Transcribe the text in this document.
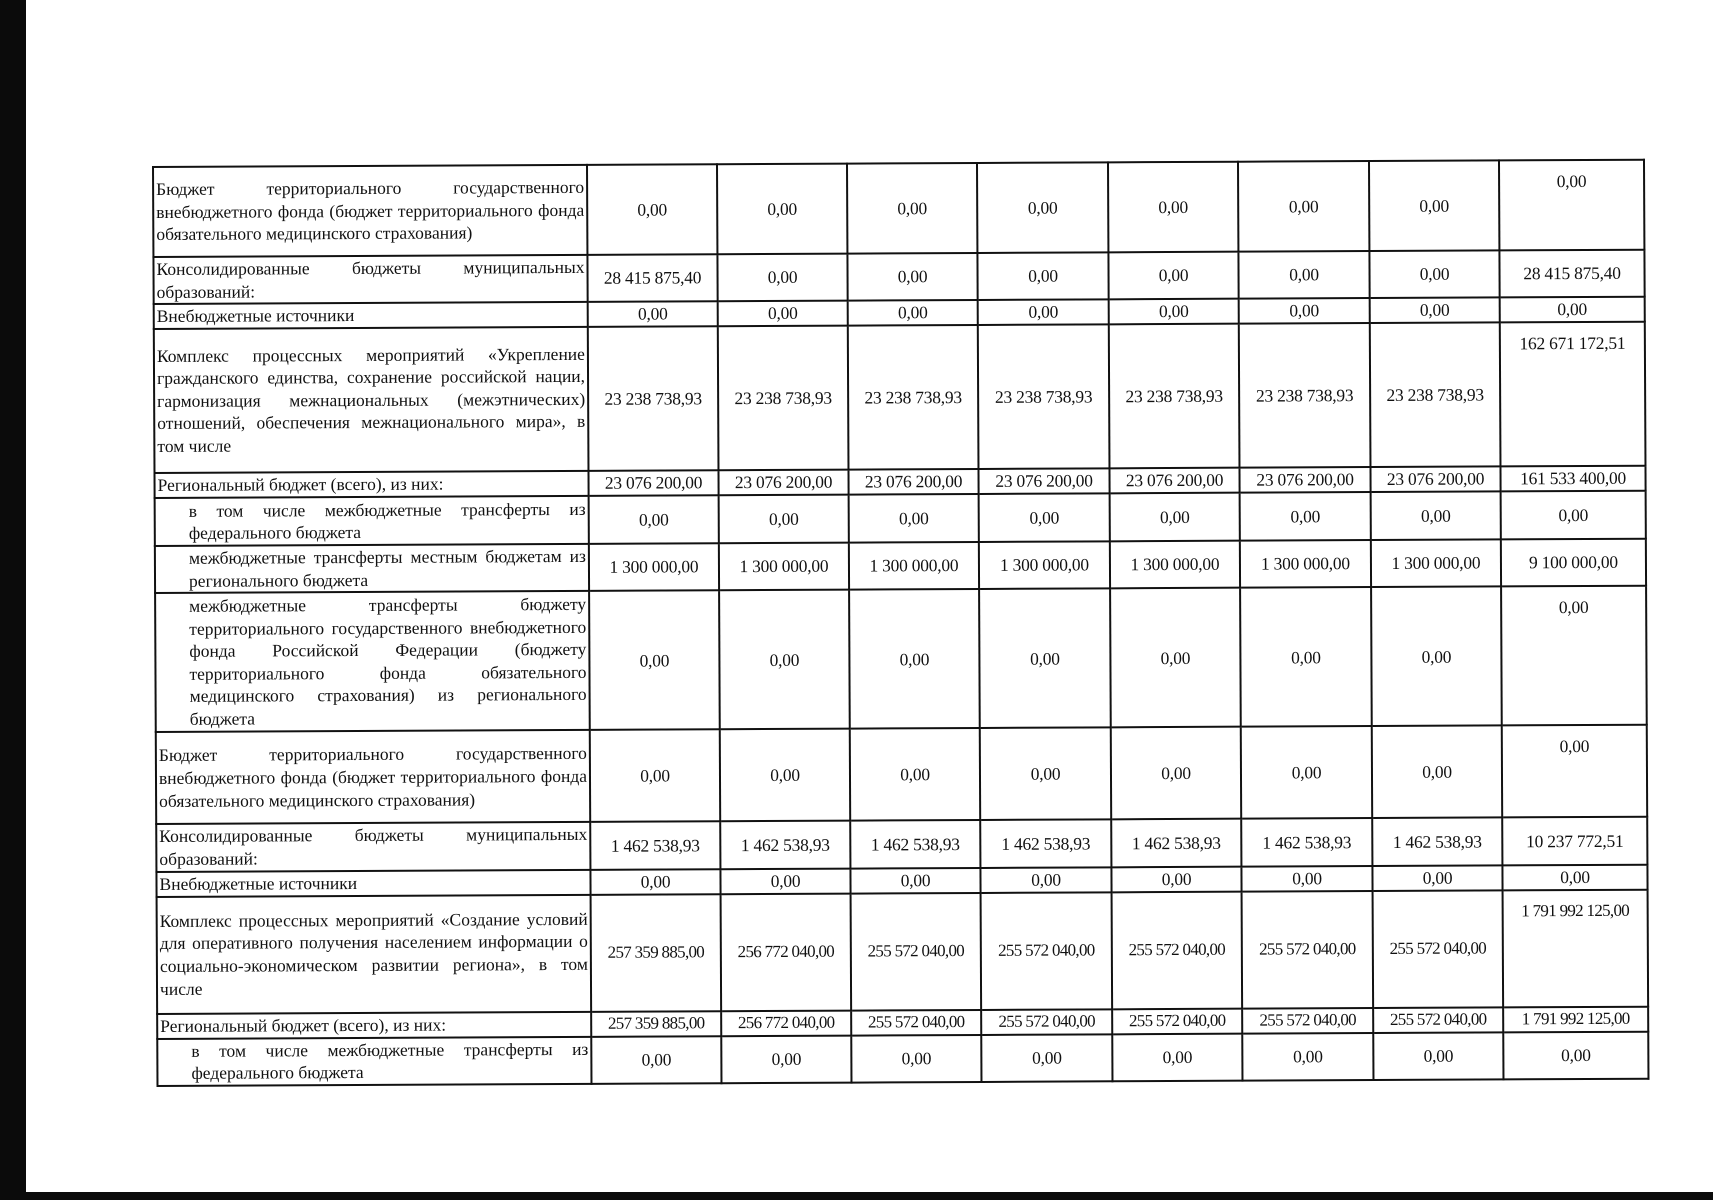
Бюджет территориального государственного внебюджетного фонда (бюджет территориального фонда обязательного медицинского страхования)	0,00	0,00	0,00	0,00	0,00	0,00	0,00	0,00
Консолидированные бюджеты муниципальных образований:	28 415 875,40	0,00	0,00	0,00	0,00	0,00	0,00	28 415 875,40
Внебюджетные источники	0,00	0,00	0,00	0,00	0,00	0,00	0,00	0,00
Комплекс процессных мероприятий «Укрепление гражданского единства, сохранение российской нации, гармонизация межнациональных (межэтнических) отношений, обеспечения межнационального мира», в том числе	23 238 738,93	23 238 738,93	23 238 738,93	23 238 738,93	23 238 738,93	23 238 738,93	23 238 738,93	162 671 172,51
Региональный бюджет (всего), из них:	23 076 200,00	23 076 200,00	23 076 200,00	23 076 200,00	23 076 200,00	23 076 200,00	23 076 200,00	161 533 400,00
в том числе межбюджетные трансферты из федерального бюджета	0,00	0,00	0,00	0,00	0,00	0,00	0,00	0,00
межбюджетные трансферты местным бюджетам из регионального бюджета	1 300 000,00	1 300 000,00	1 300 000,00	1 300 000,00	1 300 000,00	1 300 000,00	1 300 000,00	9 100 000,00
межбюджетные трансферты бюджету территориального государственного внебюджетного фонда Российской Федерации (бюджету территориального фонда обязательного медицинского страхования) из регионального бюджета	0,00	0,00	0,00	0,00	0,00	0,00	0,00	0,00
Бюджет территориального государственного внебюджетного фонда (бюджет территориального фонда обязательного медицинского страхования)	0,00	0,00	0,00	0,00	0,00	0,00	0,00	0,00
Консолидированные бюджеты муниципальных образований:	1 462 538,93	1 462 538,93	1 462 538,93	1 462 538,93	1 462 538,93	1 462 538,93	1 462 538,93	10 237 772,51
Внебюджетные источники	0,00	0,00	0,00	0,00	0,00	0,00	0,00	0,00
Комплекс процессных мероприятий «Создание условий для оперативного получения населением информации о социально-экономическом развитии региона», в том числе	257 359 885,00	256 772 040,00	255 572 040,00	255 572 040,00	255 572 040,00	255 572 040,00	255 572 040,00	1 791 992 125,00
Региональный бюджет (всего), из них:	257 359 885,00	256 772 040,00	255 572 040,00	255 572 040,00	255 572 040,00	255 572 040,00	255 572 040,00	1 791 992 125,00
в том числе межбюджетные трансферты из федерального бюджета	0,00	0,00	0,00	0,00	0,00	0,00	0,00	0,00
